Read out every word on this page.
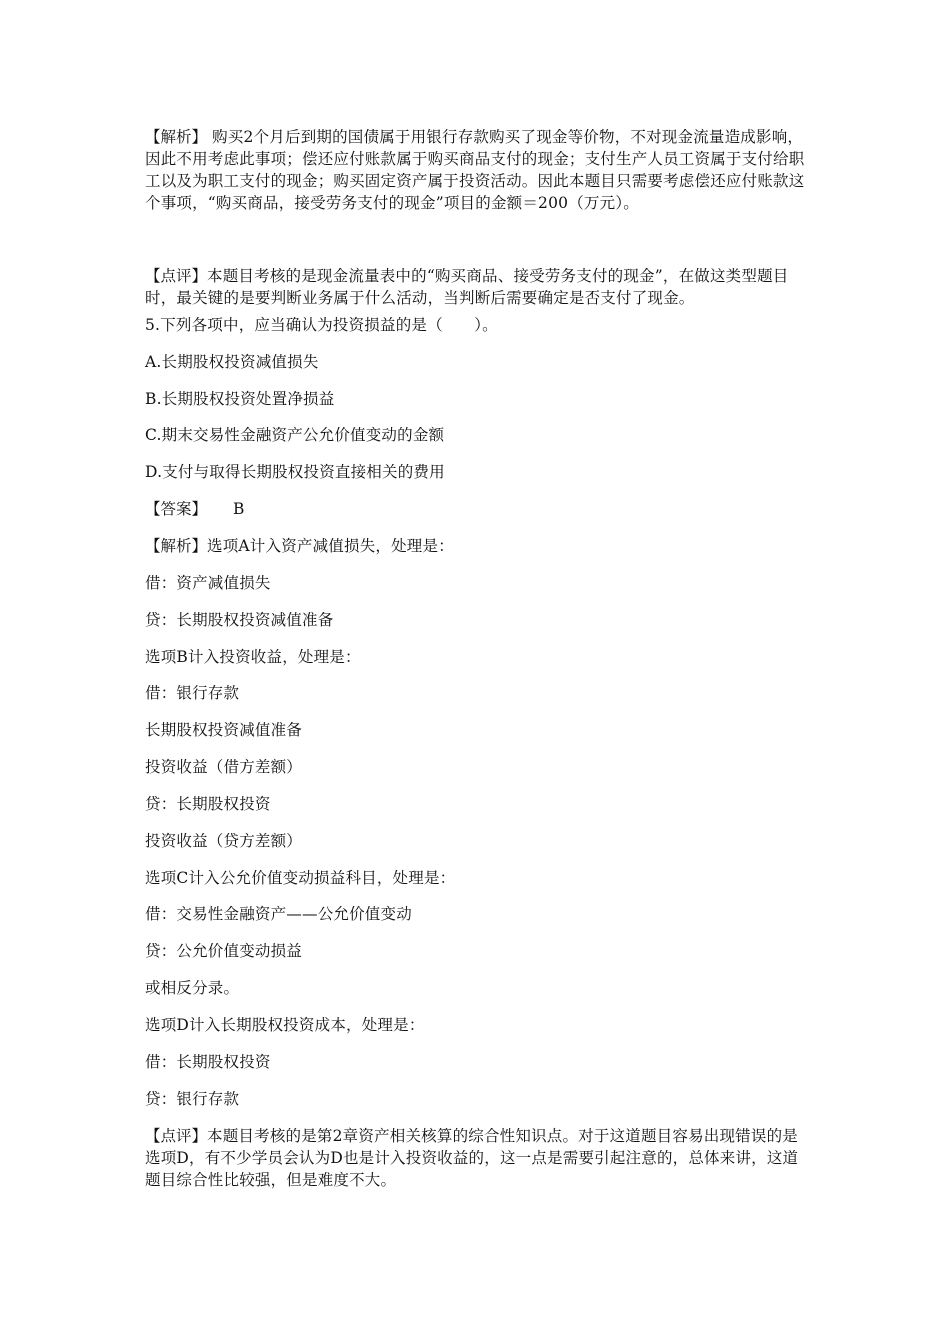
【解析】 购买2个月后到期的国债属于用银行存款购买了现金等价物，不对现金流量造成影响，因此不用考虑此事项；偿还应付账款属于购买商品支付的现金；支付生产人员工资属于支付给职工以及为职工支付的现金；购买固定资产属于投资活动。因此本题目只需要考虑偿还应付账款这个事项，“购买商品，接受劳务支付的现金”项目的金额＝200（万元）。
【点评】本题目考核的是现金流量表中的“购买商品、接受劳务支付的现金”，在做这类型题目时，最关键的是要判断业务属于什么活动，当判断后需要确定是否支付了现金。
5.下列各项中，应当确认为投资损益的是（　　）。
A.长期股权投资减值损失
B.长期股权投资处置净损益
C.期末交易性金融资产公允价值变动的金额
D.支付与取得长期股权投资直接相关的费用
【答案】 B
【解析】选项A计入资产减值损失，处理是：
借：资产减值损失
贷：长期股权投资减值准备
选项B计入投资收益，处理是：
借：银行存款
长期股权投资减值准备
投资收益（借方差额）
贷：长期股权投资
投资收益（贷方差额）
选项C计入公允价值变动损益科目，处理是：
借：交易性金融资产——公允价值变动
贷：公允价值变动损益
或相反分录。
选项D计入长期股权投资成本，处理是：
借：长期股权投资
贷：银行存款
【点评】本题目考核的是第2章资产相关核算的综合性知识点。对于这道题目容易出现错误的是选项D，有不少学员会认为D也是计入投资收益的，这一点是需要引起注意的，总体来讲，这道题目综合性比较强，但是难度不大。
